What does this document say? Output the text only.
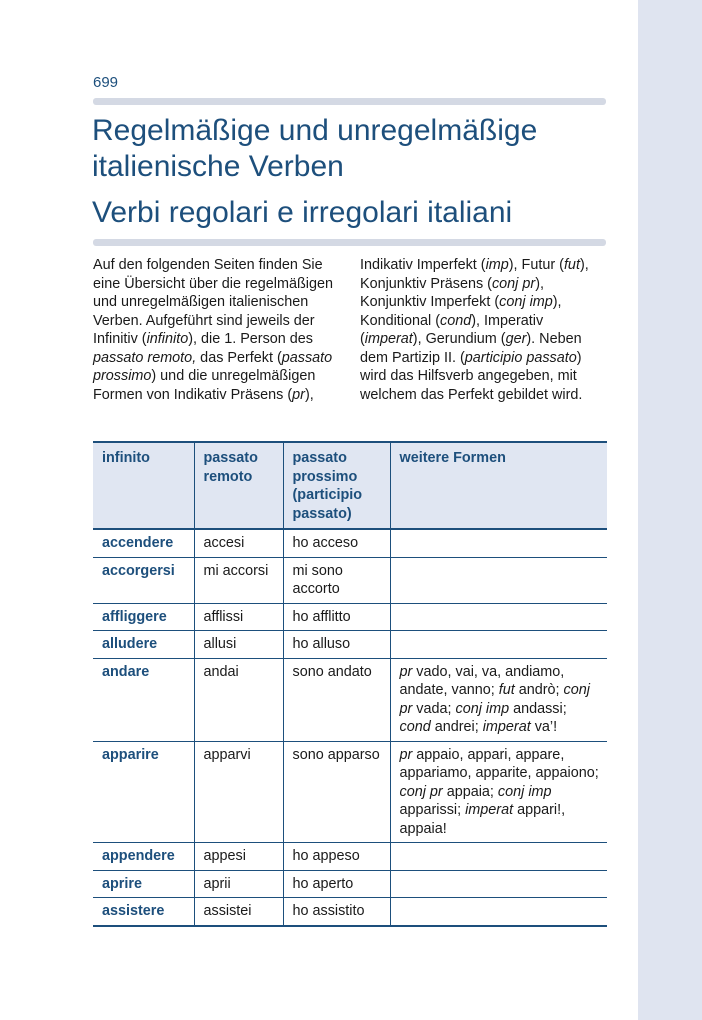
699
Regelmäßige und unregelmäßige
italienische Verben
Verbi regolari e irregolari italiani

Auf den folgenden Seiten finden Sie eine Übersicht über die regelmäßigen und unregelmäßigen italienischen Verben. Aufgeführt sind jeweils der Infinitiv (infinito), die 1. Person des passato remoto, das Perfekt (passato prossimo) und die unregelmäßigen Formen von Indikativ Präsens (pr), Indikativ Imperfekt (imp), Futur (fut), Konjunktiv Präsens (conj pr), Konjunktiv Imperfekt (conj imp), Konditional (cond), Imperativ (imperat), Gerundium (ger). Neben dem Partizip II. (participio passato) wird das Hilfsverb angegeben, mit welchem das Perfekt gebildet wird.

infinito	passato remoto	passato prossimo (participio passato)	weitere Formen
accendere	accesi	ho acceso	
accorgersi	mi accorsi	mi sono accorto	
affliggere	afflissi	ho afflitto	
alludere	allusi	ho alluso	
andare	andai	sono andato	pr vado, vai, va, andiamo, andate, vanno; fut andrò; conj pr vada; conj imp andassi; cond andrei; imperat va’!
apparire	apparvi	sono apparso	pr appaio, appari, appare, appariamo, apparite, appaiono; conj pr appaia; conj imp apparissi; imperat appari!, appaia!
appendere	appesi	ho appeso	
aprire	aprii	ho aperto	
assistere	assistei	ho assistito	
